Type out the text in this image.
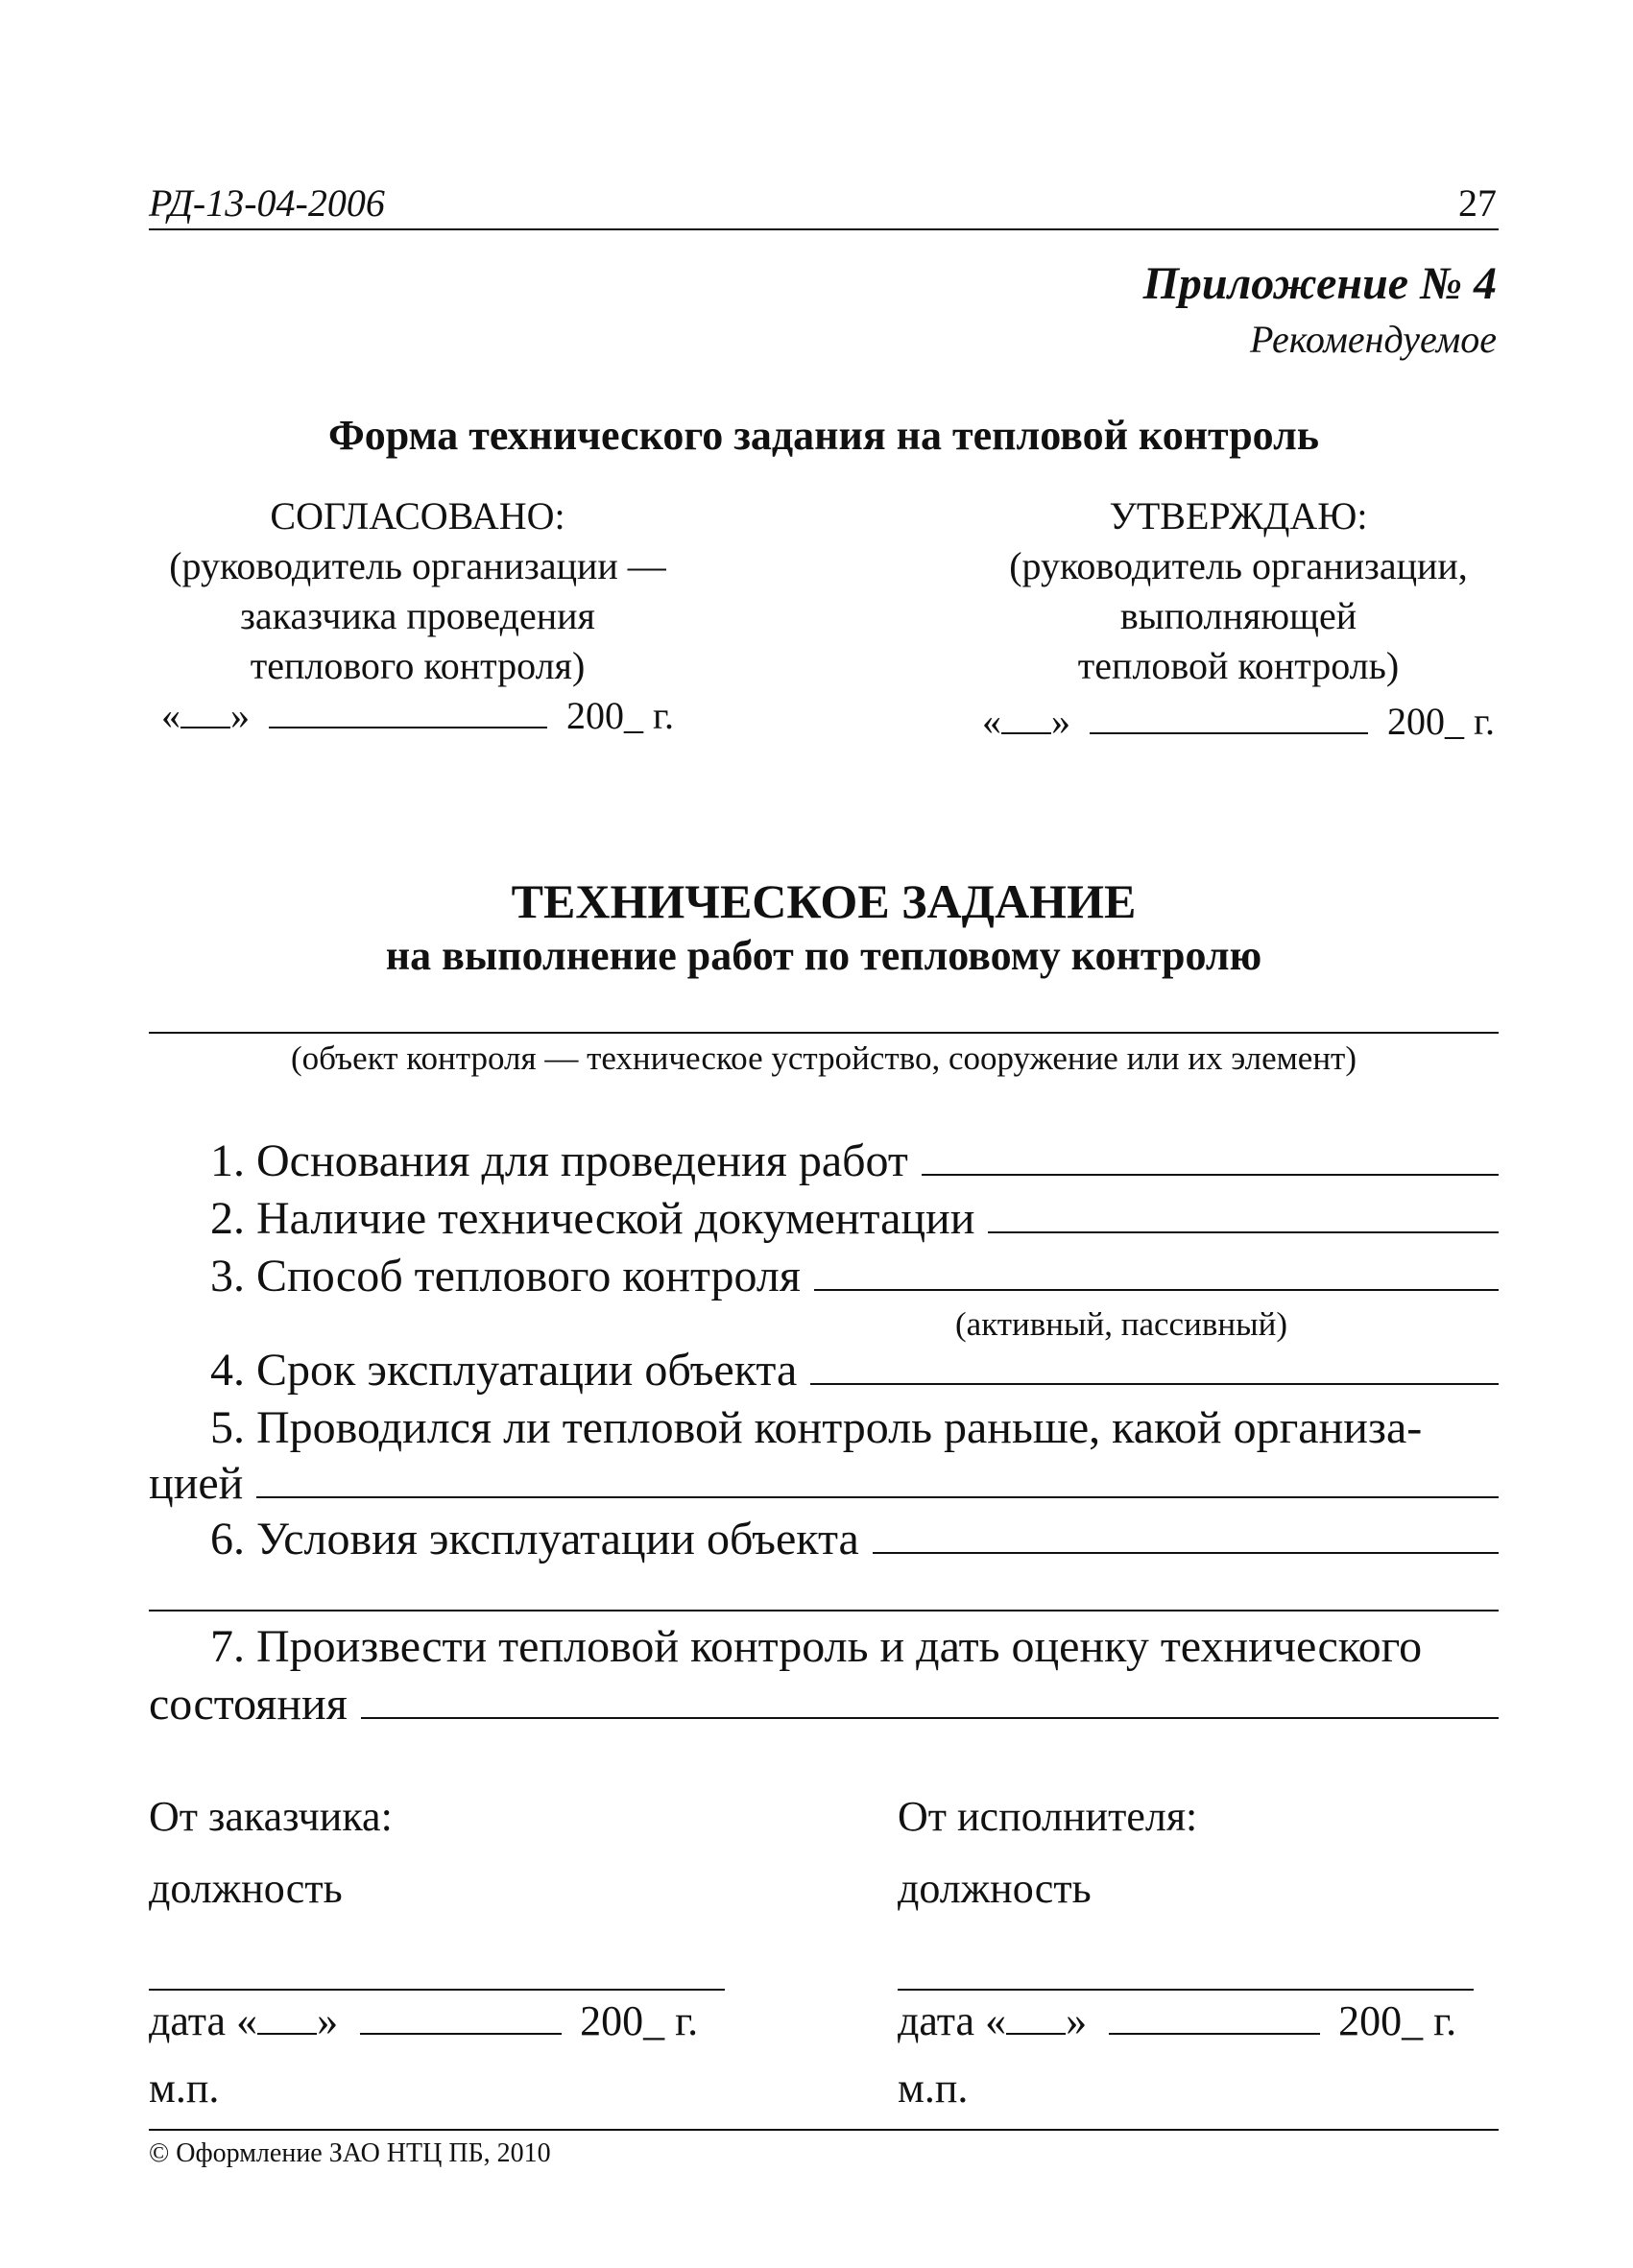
РД-13-04-2006	27
Приложение № 4
Рекомендуемое
Форма технического задания на тепловой контроль
СОГЛАСОВАНО:
(руководитель организации —
заказчика проведения
теплового контроля)
« »	200_ г.
УТВЕРЖДАЮ:
(руководитель организации,
выполняющей
тепловой контроль)
« »	200_ г.
ТЕХНИЧЕСКОЕ ЗАДАНИЕ
на выполнение работ по тепловому контролю
(объект контроля — техническое устройство, сооружение или их элемент)
1. Основания для проведения работ
2. Наличие технической документации
3. Способ теплового контроля
(активный, пассивный)
4. Срок эксплуатации объекта
5. Проводился ли тепловой контроль раньше, какой организа-
цией
6. Условия эксплуатации объекта
7. Произвести тепловой контроль и дать оценку технического
состояния
От заказчика:
должность
дата « »	200_ г.
м.п.
От исполнителя:
должность
дата « »	200_ г.
м.п.
© Оформление ЗАО НТЦ ПБ, 2010
